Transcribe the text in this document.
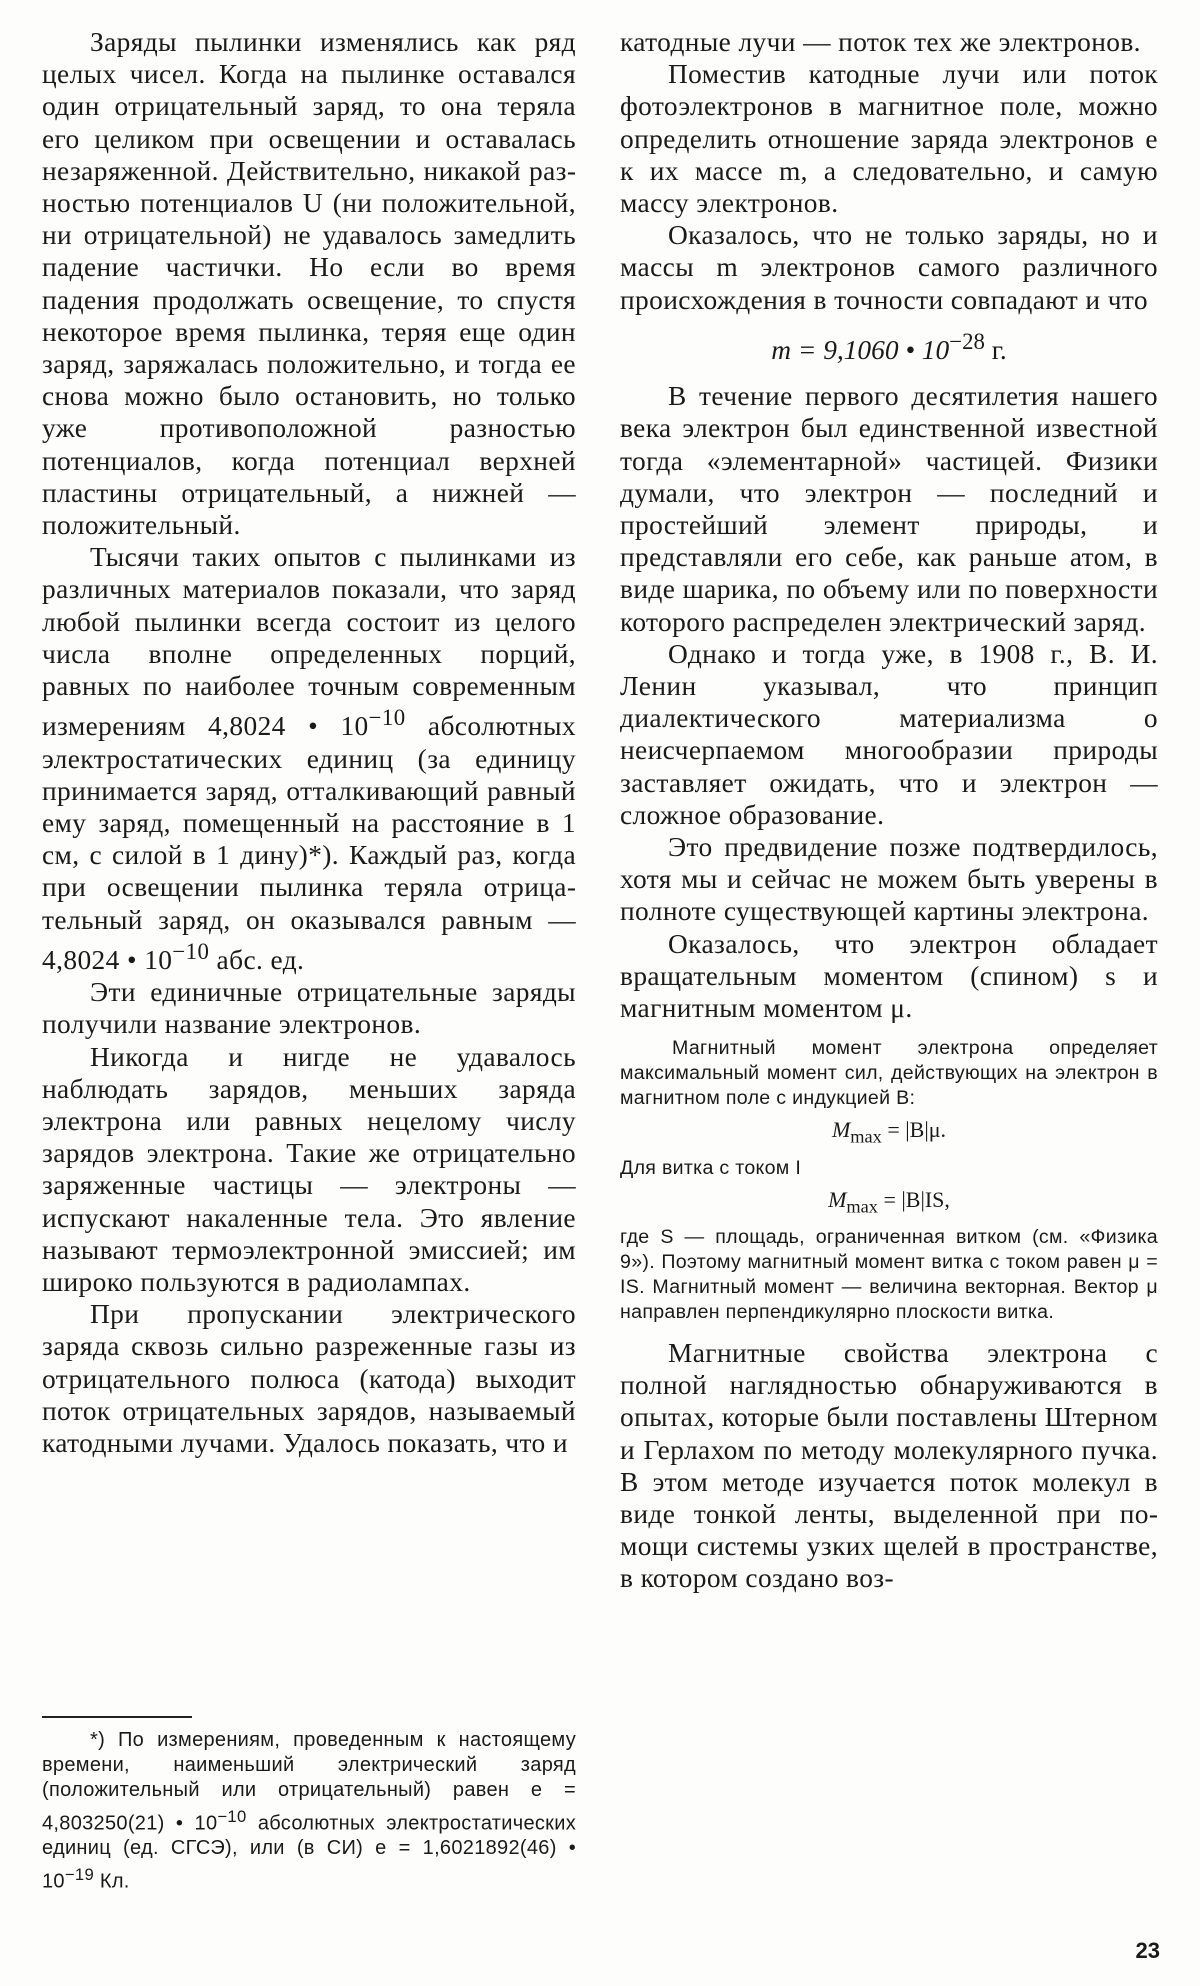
Заряды пылинки изменялись как ряд целых чисел. Когда на пылинке оставался один отрицательный заряд, то она теряла его целиком при освещении и оставалась незаряженной. Действительно, никакой разностью потенциалов U (ни положительной, ни отрицательной) не удавалось замедлить падение частички. Но если во время падения продолжать освещение, то спустя некоторое время пылинка, теряя еще один заряд, заряжалась положительно, и тогда ее снова можно было остановить, но только уже противоположной разностью потенциалов, когда потенциал верхней пластины отрицательный, а нижней — положительный.

Тысячи таких опытов с пылинками из различных материалов показали, что заряд любой пылинки всегда состоит из целого числа вполне определенных порций, равных по наиболее точным современным измерениям 4,8024 • $10^{-10}$ абсолютных электростатических единиц (за единицу принимается заряд, отталкивающий равный ему заряд, помещенный на расстояние в 1 см, с силой в 1 дину)*). Каждый раз, когда при освещении пылинка теряла отрицательный заряд, он оказывался равным — 4,8024 • $10^{-10}$ абс. ед.

Эти единичные отрицательные заряды получили название электронов.

Никогда и нигде не удавалось наблюдать зарядов, меньших заряда электрона или равных нецелому числу зарядов электрона. Такие же отрицательно заряженные частицы — электроны — испускают накаленные тела. Это явление называют термоэлектронной эмиссией; им широко пользуются в радиолампах.

При пропускании электрического заряда сквозь сильно разреженные газы из отрицательного полюса (катода) выходит поток отрицательных зарядов, называемый катодными лучами. Удалось показать, что и

*) По измерениям, проведенным к настоящему времени, наименьший электрический заряд (положительный или отрицательный) равен e = 4,803250(21) • $10^{-10}$ абсолютных электростатических единиц (ед. СГСЭ), или (в СИ) e = 1,6021892(46) • $10^{-19}$ Кл.

катодные лучи — поток тех же электронов.

Поместив катодные лучи или поток фотоэлектронов в магнитное поле, можно определить отношение заряда электронов e к их массе m, а следовательно, и самую массу электронов.

Оказалось, что не только заряды, но и массы m электронов самого различного происхождения в точности совпадают и что

m = 9,1060 • $10^{-28}$ г.

В течение первого десятилетия нашего века электрон был единственной известной тогда «элементарной» частицей. Физики думали, что электрон — последний и простейший элемент природы, и представляли его себе, как раньше атом, в виде шарика, по объему или по поверхности которого распределен электрический заряд.

Однако и тогда уже, в 1908 г., В. И. Ленин указывал, что принцип диалектического материализма о неисчерпаемом многообразии природы заставляет ожидать, что и электрон — сложное образование.

Это предвидение позже подтвердилось, хотя мы и сейчас не можем быть уверены в полноте существующей картины электрона.

Оказалось, что электрон обладает вращательным моментом (спином) s и магнитным моментом μ.

Магнитный момент электрона определяет максимальный момент сил, действующих на электрон в магнитном поле с индукцией B:

$M_{max} = |B|\mu$.

Для витка с током I

$M_{max} = |B|IS$,

где S — площадь, ограниченная витком (см. «Физика 9»). Поэтому магнитный момент витка с током равен μ = IS. Магнитный момент — величина векторная. Вектор μ направлен перпендикулярно плоскости витка.

Магнитные свойства электрона с полной наглядностью обнаруживаются в опытах, которые были поставлены Штерном и Герлахом по методу молекулярного пучка. В этом методе изучается поток молекул в виде тонкой ленты, выделенной при помощи системы узких щелей в пространстве, в котором создано воз-

23
